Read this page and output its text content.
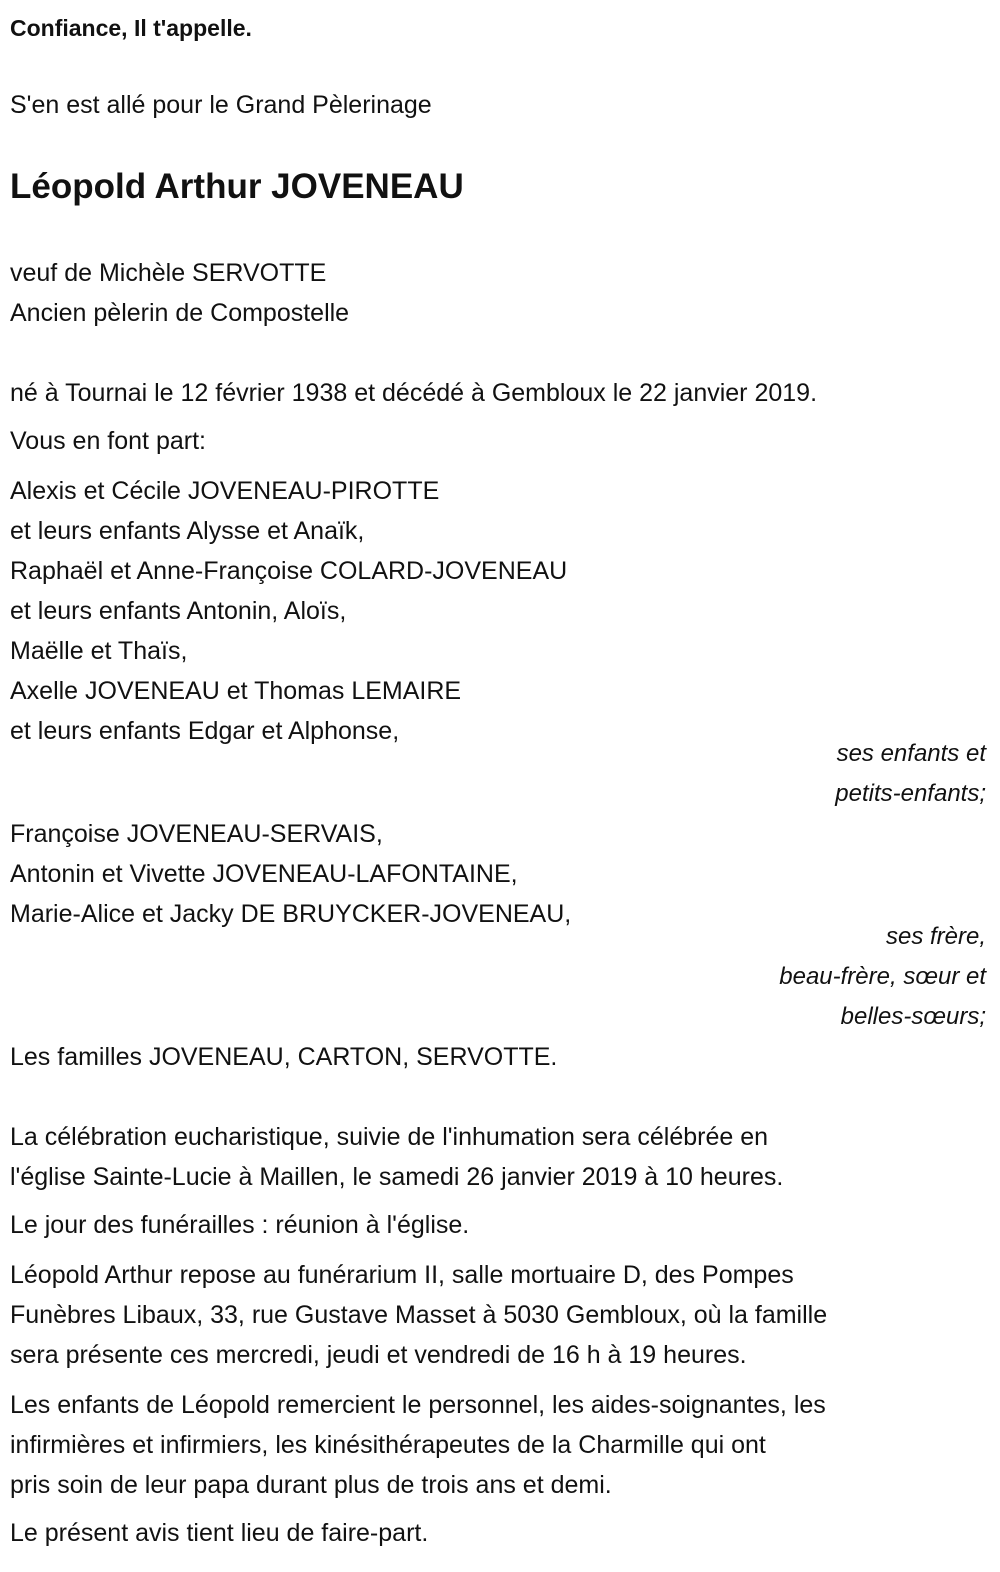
Confiance, Il t'appelle.
S'en est allé pour le Grand Pèlerinage
Léopold Arthur JOVENEAU
veuf de Michèle SERVOTTE
Ancien pèlerin de Compostelle
né à Tournai le 12 février 1938 et décédé à Gembloux le 22 janvier 2019.
Vous en font part:
Alexis et Cécile JOVENEAU-PIROTTE
et leurs enfants Alysse et Anaïk,
Raphaël et Anne-Françoise COLARD-JOVENEAU
et leurs enfants Antonin, Aloïs,
Maëlle et Thaïs,
Axelle JOVENEAU et Thomas LEMAIRE
et leurs enfants Edgar et Alphonse,
ses enfants et
petits-enfants;
Françoise JOVENEAU-SERVAIS,
Antonin et Vivette JOVENEAU-LAFONTAINE,
Marie-Alice et Jacky DE BRUYCKER-JOVENEAU,
ses frère,
beau-frère, sœur et
belles-sœurs;
Les familles JOVENEAU, CARTON, SERVOTTE.
La célébration eucharistique, suivie de l'inhumation sera célébrée en
l'église Sainte-Lucie à Maillen, le samedi 26 janvier 2019 à 10 heures.
Le jour des funérailles : réunion à l'église.
Léopold Arthur repose au funérarium II, salle mortuaire D, des Pompes
Funèbres Libaux, 33, rue Gustave Masset à 5030 Gembloux, où la famille
sera présente ces mercredi, jeudi et vendredi de 16 h à 19 heures.
Les enfants de Léopold remercient le personnel, les aides-soignantes, les
infirmières et infirmiers, les kinésithérapeutes de la Charmille qui ont
pris soin de leur papa durant plus de trois ans et demi.
Le présent avis tient lieu de faire-part.
